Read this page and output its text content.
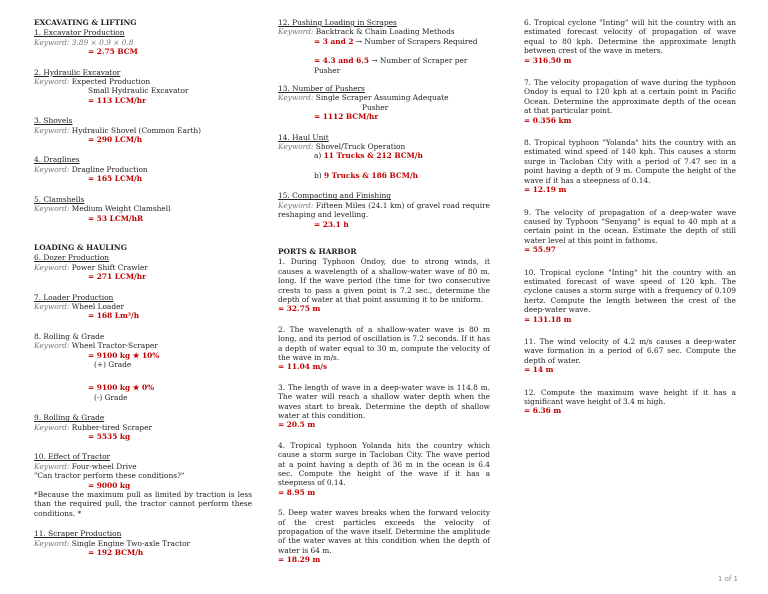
EXCAVATING & LIFTING
1. Excavator Production
Keyword: 3.89 × 0.9 × 0.8
= 2.75 BCM
2. Hydraulic Excavator
Keyword: Expected Production
Small Hydraulic Excavator
= 113 LCM/hr
3. Shovels
Keyword: Hydraulic Shovel (Common Earth)
= 290 LCM/h
4. Draglines
Keyword: Dragline Production
= 165 LCM/h
5. Clamshells
Keyword: Medium Weight Clamshell
= 53 LCM/hR
LOADING & HAULING
6. Dozer Production
Keyword: Power Shift Crawler
= 271 LCM/hr
7. Loader Production
Keyword: Wheel Loader
= 168 Lm³/h
8. Rolling & Grade
Keyword: Wheel Tractor-Scraper
= 9100 kg ★ 10%
(+) Grade
= 9100 kg ★ 0%
(-) Grade
9. Rolling & Grade
Keyword: Rubber-tired Scraper
= 5535 kg
10. Effect of Tractor
Keyword: Four-wheel Drive
"Can tractor perform these conditions?"
= 9000 kg

*Because the maximum pull as limited by traction is less than the required pull, the tractor cannot perform these conditions. *

11. Scraper Production
Keyword: Single Engine Two-axle Tractor
= 192 BCM/h
12. Pushing Loading in Scrapes
Keyword: Backtrack & Chain Loading Methods
= 3 and 2 → Number of Scrapers Required
= 4.3 and 6.5 → Number of Scraper per Pusher
13. Number of Pushers
Keyword: Single Scraper Assuming Adequate
Pusher
= 1112 BCM/hr
14. Haul Unit
Keyword: Shovel/Truck Operation
a) 11 Trucks & 212 BCM/h
b) 9 Trucks & 186 BCM/h
15. Compacting and Finishing

Keyword: Fifteen Miles (24.1 km) of gravel road require reshaping and levelling.

= 23.1 h
PORTS & HARBOR

1. During Typhoon Ondoy, due to strong winds, it causes a wavelength of a shallow-water wave of 80 m. long. If the wave period (the time for two consecutive crests to pass a given point is 7.2 sec., determine the depth of water at that point assuming it to be uniform.

= 32.75 m

2. The wavelength of a shallow-water wave is 80 m long, and its period of oscillation is 7.2 seconds. If it has a depth of water equal to 30 m, compute the velocity of the wave in m/s.

= 11.04 m/s

3. The length of wave in a deep-water wave is 114.8 m. The water will reach a shallow water depth when the waves start to break. Determine the depth of shallow water at this condition.

= 20.5 m

4. Tropical typhoon Yolanda hits the country which cause a storm surge in Tacloban City. The wave period at a point having a depth of 36 m in the ocean is 6.4 sec. Compute the height of the wave if it has a steepness of 0.14.

= 8.95 m

5. Deep water waves breaks when the forward velocity of the crest particles exceeds the velocity of propagation of the wave itself. Determine the amplitude of the water waves at this condition when the depth of water is 64 m.

= 18.29 m

6. Tropical cyclone "Inting" will hit the country with an estimated forecast velocity of propagation of wave equal to 80 kph. Determine the approximate length between crest of the wave in meters.

= 316.50 m

7. The velocity propagation of wave during the typhoon Ondoy is equal to 120 kph at a certain point in Pacific Ocean. Determine the approximate depth of the ocean at that particular point.

= 0.356 km

8. Tropical typhoon "Yolanda" hits the country with an estimated wind speed of 140 kph. This causes a storm surge in Tacloban City with a period of 7.47 sec in a point having a depth of 9 m. Compute the height of the wave if it has a steepness of 0.14.

= 12.19 m

9. The velocity of propagation of a deep-water wave caused by Typhoon "Senyang" is equal to 40 mph at a certain point in the ocean. Estimate the depth of still water level at this point in fathoms.

= 55.97

10. Tropical cyclone "Inting" hit the country with an estimated forecast of wave speed of 120 kph. The cyclone causes a storm surge with a frequency of 0.109 hertz. Compute the length between the crest of the deep-water wave.

= 131.18 m

11. The wind velocity of 4.2 m/s causes a deep-water wave formation in a period of 6.67 sec. Compute the depth of water.

= 14 m

12. Compute the maximum wave height if it has a significant wave height of 3.4 m high.

= 6.36 m
1 of 1
